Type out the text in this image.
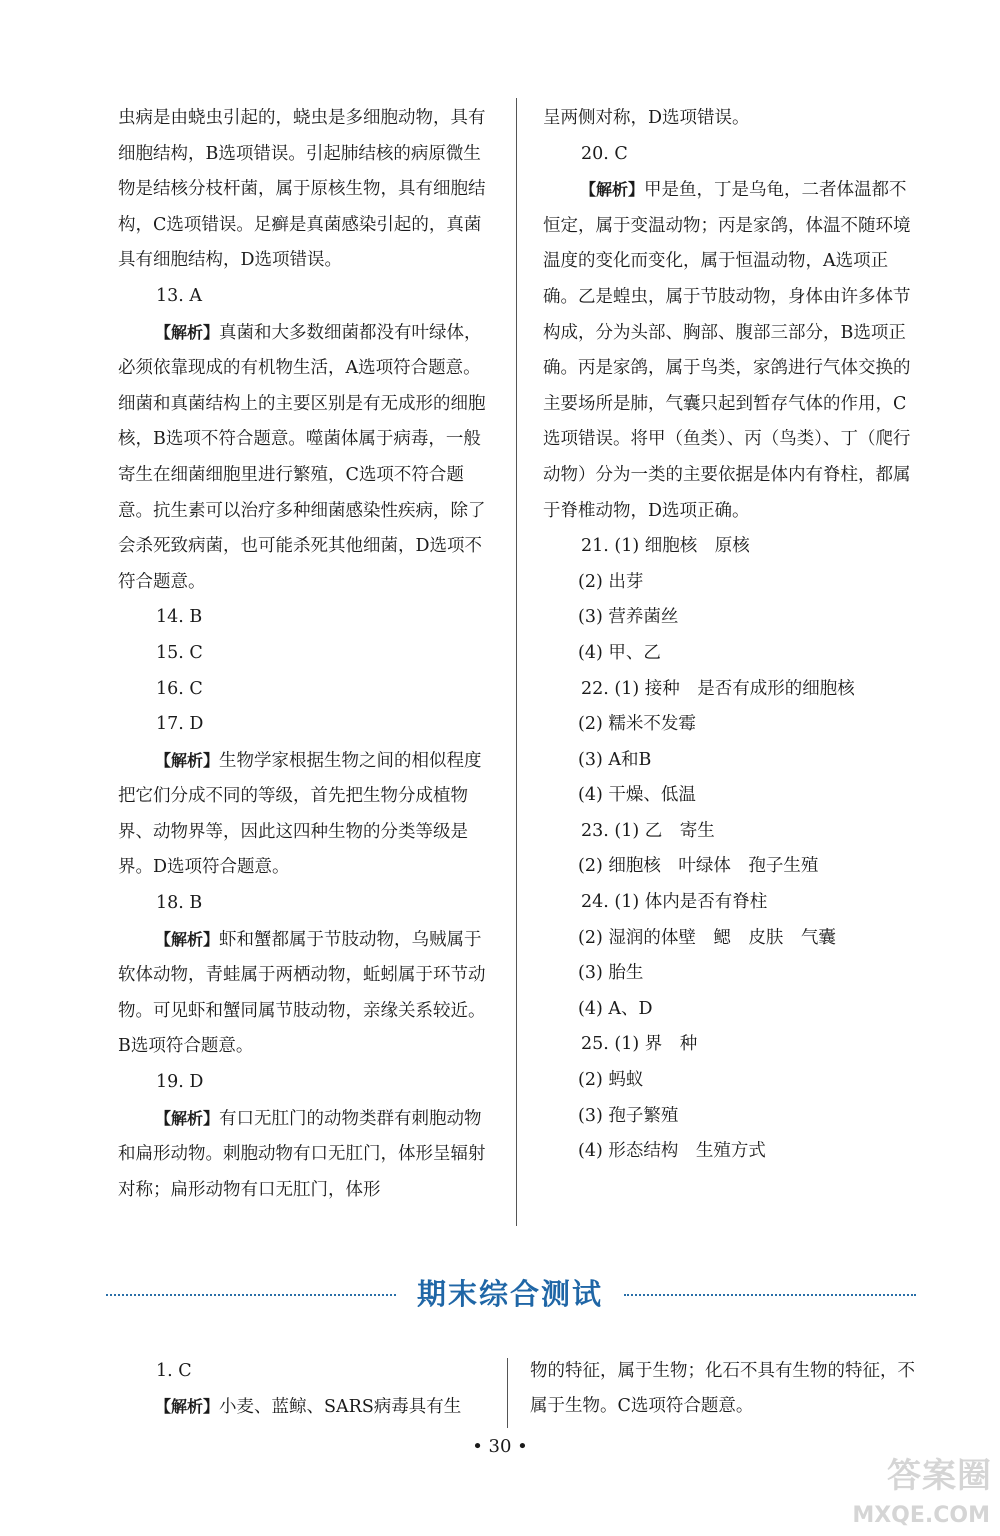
虫病是由蛲虫引起的，蛲虫是多细胞动物，具有细胞结构，B选项错误。引起肺结核的病原微生物是结核分枝杆菌，属于原核生物，具有细胞结构，C选项错误。足癣是真菌感染引起的，真菌具有细胞结构，D选项错误。

13. A

【解析】真菌和大多数细菌都没有叶绿体，必须依靠现成的有机物生活，A选项符合题意。细菌和真菌结构上的主要区别是有无成形的细胞核，B选项不符合题意。噬菌体属于病毒，一般寄生在细菌细胞里进行繁殖，C选项不符合题意。抗生素可以治疗多种细菌感染性疾病，除了会杀死致病菌，也可能杀死其他细菌，D选项不符合题意。

14. B

15. C

16. C

17. D

【解析】生物学家根据生物之间的相似程度把它们分成不同的等级，首先把生物分成植物界、动物界等，因此这四种生物的分类等级是界。D选项符合题意。

18. B

【解析】虾和蟹都属于节肢动物，乌贼属于软体动物，青蛙属于两栖动物，蚯蚓属于环节动物。可见虾和蟹同属节肢动物，亲缘关系较近。B选项符合题意。

19. D

【解析】有口无肛门的动物类群有刺胞动物和扁形动物。刺胞动物有口无肛门，体形呈辐射对称；扁形动物有口无肛门，体形

呈两侧对称，D选项错误。

20. C

【解析】甲是鱼，丁是乌龟，二者体温都不恒定，属于变温动物；丙是家鸽，体温不随环境温度的变化而变化，属于恒温动物，A选项正确。乙是蝗虫，属于节肢动物，身体由许多体节构成，分为头部、胸部、腹部三部分，B选项正确。丙是家鸽，属于鸟类，家鸽进行气体交换的主要场所是肺，气囊只起到暂存气体的作用，C选项错误。将甲（鱼类）、丙（鸟类）、丁（爬行动物）分为一类的主要依据是体内有脊柱，都属于脊椎动物，D选项正确。

21. (1) 细胞核　原核

(2) 出芽

(3) 营养菌丝

(4) 甲、乙

22. (1) 接种　是否有成形的细胞核

(2) 糯米不发霉

(3) A和B

(4) 干燥、低温

23. (1) 乙　寄生

(2) 细胞核　叶绿体　孢子生殖

24. (1) 体内是否有脊柱

(2) 湿润的体壁　鳃　皮肤　气囊

(3) 胎生

(4) A、D

25. (1) 界　种

(2) 蚂蚁

(3) 孢子繁殖

(4) 形态结构　生殖方式

期末综合测试

1. C

【解析】小麦、蓝鲸、SARS病毒具有生

物的特征，属于生物；化石不具有生物的特征，不属于生物。C选项符合题意。

• 30 •
答案圈
MXQE.COM
